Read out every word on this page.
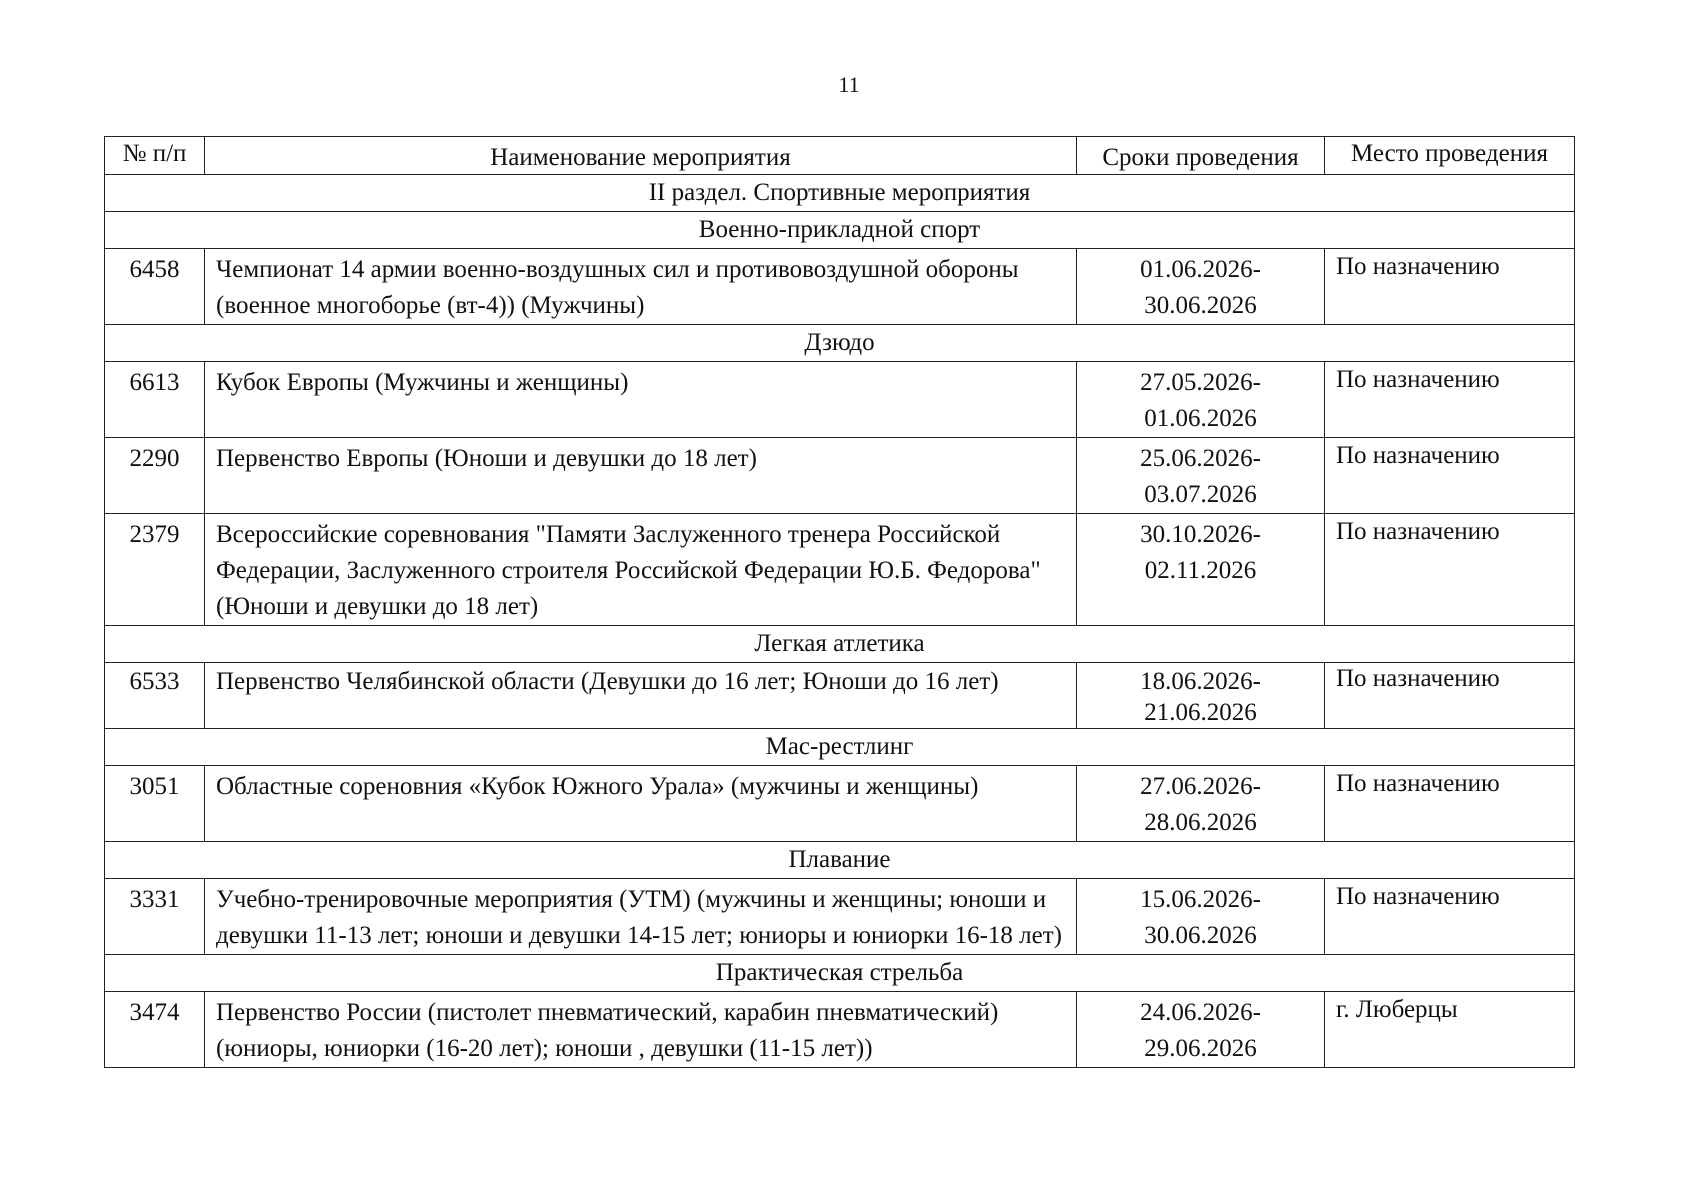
11
№ п/п	Наименование мероприятия	Сроки проведения	Место проведения
II раздел. Спортивные мероприятия			
Военно-прикладной спорт			
6458	Чемпионат 14 армии военно-воздушных сил и противовоздушной обороны (военное многоборье (вт-4)) (Мужчины)	01.06.2026- 30.06.2026	По назначению
Дзюдо			
6613	Кубок Европы (Мужчины и женщины)	27.05.2026- 01.06.2026	По назначению
2290	Первенство Европы (Юноши и девушки до 18 лет)	25.06.2026- 03.07.2026	По назначению
2379	Всероссийские соревнования "Памяти Заслуженного тренера Российской Федерации, Заслуженного строителя Российской Федерации Ю.Б. Федорова" (Юноши и девушки до 18 лет)	30.10.2026- 02.11.2026	По назначению
Легкая атлетика			
6533	Первенство Челябинской области (Девушки до 16 лет; Юноши до 16 лет)	18.06.2026- 21.06.2026	По назначению
Мас-рестлинг			
3051	Областные сореновния «Кубок Южного Урала» (мужчины и женщины)	27.06.2026- 28.06.2026	По назначению
Плавание			
3331	Учебно-тренировочные мероприятия (УТМ) (мужчины и женщины; юноши и девушки 11-13 лет; юноши и девушки 14-15 лет; юниоры и юниорки 16-18 лет)	15.06.2026- 30.06.2026	По назначению
Практическая стрельба			
3474	Первенство России (пистолет пневматический, карабин пневматический) (юниоры, юниорки (16-20 лет); юноши , девушки (11-15 лет))	24.06.2026- 29.06.2026	г. Люберцы
